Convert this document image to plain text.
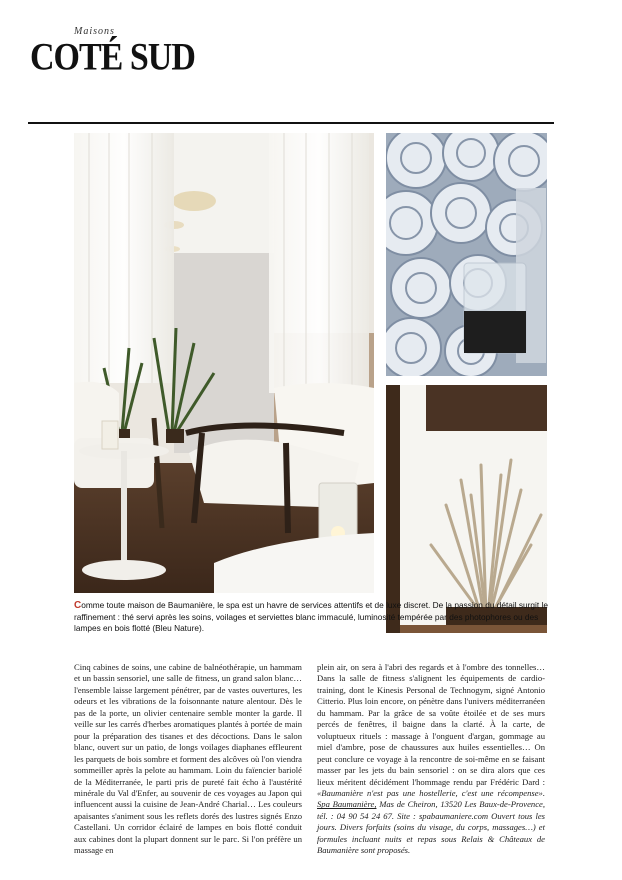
Maisons
COTÉ SUD
Comme toute maison de Baumanière, le spa est un havre de services attentifs et de luxe discret. De la passion du détail surgit le raffinement : thé servi après les soins, voilages et serviettes blanc immaculé, luminosité tempérée par des photophores ou des lampes en bois flotté (Bleu Nature).
Cinq cabines de soins, une cabine de balnéothérapie, un hammam et un bassin sensoriel, une salle de fitness, un grand salon blanc… l'ensemble laisse largement pénétrer, par de vastes ouvertures, les odeurs et les vibrations de la foisonnante nature alentour. Dès le pas de la porte, un olivier centenaire semble monter la garde. Il veille sur les carrés d'herbes aromatiques plantés à portée de main pour la préparation des tisanes et des décoctions. Dans le salon blanc, ouvert sur un patio, de longs voilages diaphanes effleurent les parquets de bois sombre et forment des alcôves où l'on viendra sommeiller après la pelote au hammam. Loin du faïencier bariolé de la Méditerranée, le parti pris de pureté fait écho à l'austérité minérale du Val d'Enfer, au souvenir de ces voyages au Japon qui influencent aussi la cuisine de Jean-André Charial… Les couleurs apaisantes s'animent sous les reflets dorés des lustres signés Enzo Castellani. Un corridor éclairé de lampes en bois flotté conduit aux cabines dont la plupart donnent sur le parc. Si l'on préfère un massage en
plein air, on sera à l'abri des regards et à l'ombre des tonnelles… Dans la salle de fitness s'alignent les équipements de cardio-training, dont le Kinesis Personal de Technogym, signé Antonio Citterio. Plus loin encore, on pénètre dans l'univers méditerranéen du hammam. Par la grâce de sa voûte étoilée et de ses murs percés de fenêtres, il baigne dans la clarté. À la carte, de voluptueux rituels : massage à l'onguent d'argan, gommage au miel d'ambre, pose de chaussures aux huiles essentielles… On peut conclure ce voyage à la rencontre de soi-même en se faisant masser par les jets du bain sensoriel : on se dira alors que ces lieux méritent décidément l'hommage rendu par Frédéric Dard : «Baumanière n'est pas une hostellerie, c'est une récompense». Spa Baumanière, Mas de Cheiron, 13520 Les Baux-de-Provence, tél. : 04 90 54 24 67. Site : spabaumaniere.com Ouvert tous les jours. Divers forfaits (soins du visage, du corps, massages…) et formules incluant nuits et repas sous Relais & Châteaux de Baumanière sont proposés.
